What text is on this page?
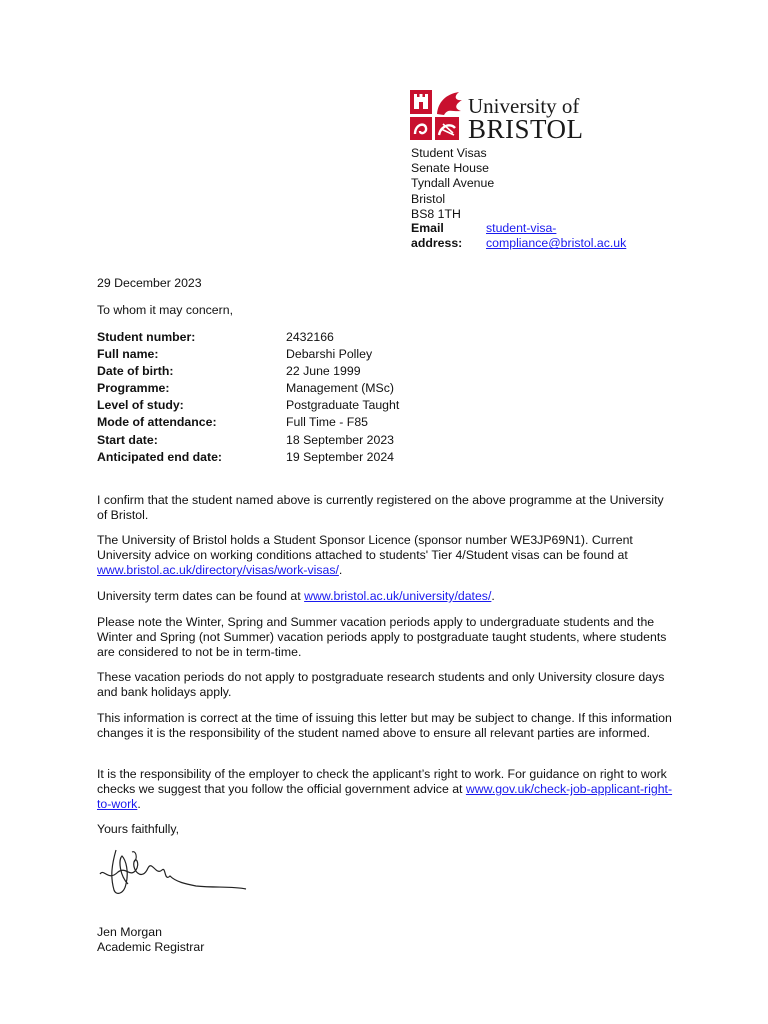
University of
BRISTOL
Student Visas
Senate House
Tyndall Avenue
Bristol
BS8 1TH
Email
address:
student-visa-
compliance@bristol.ac.uk
29 December 2023
To whom it may concern,
Student number:	2432166
Full name:	Debarshi Polley
Date of birth:	22 June 1999
Programme:	Management (MSc)
Level of study:	Postgraduate Taught
Mode of attendance:	Full Time - F85
Start date:	18 September 2023
Anticipated end date:	19 September 2024
I confirm that the student named above is currently registered on the above programme at the University of Bristol.
The University of Bristol holds a Student Sponsor Licence (sponsor number WE3JP69N1). Current University advice on working conditions attached to students' Tier 4/Student visas can be found at www.bristol.ac.uk/directory/visas/work-visas/.
University term dates can be found at www.bristol.ac.uk/university/dates/.
Please note the Winter, Spring and Summer vacation periods apply to undergraduate students and the Winter and Spring (not Summer) vacation periods apply to postgraduate taught students, where students are considered to not be in term-time.
These vacation periods do not apply to postgraduate research students and only University closure days and bank holidays apply.
This information is correct at the time of issuing this letter but may be subject to change. If this information changes it is the responsibility of the student named above to ensure all relevant parties are informed.
It is the responsibility of the employer to check the applicant’s right to work. For guidance on right to work checks we suggest that you follow the official government advice at www.gov.uk/check-job-applicant-right-to-work.
Yours faithfully,
Jen Morgan
Academic Registrar
